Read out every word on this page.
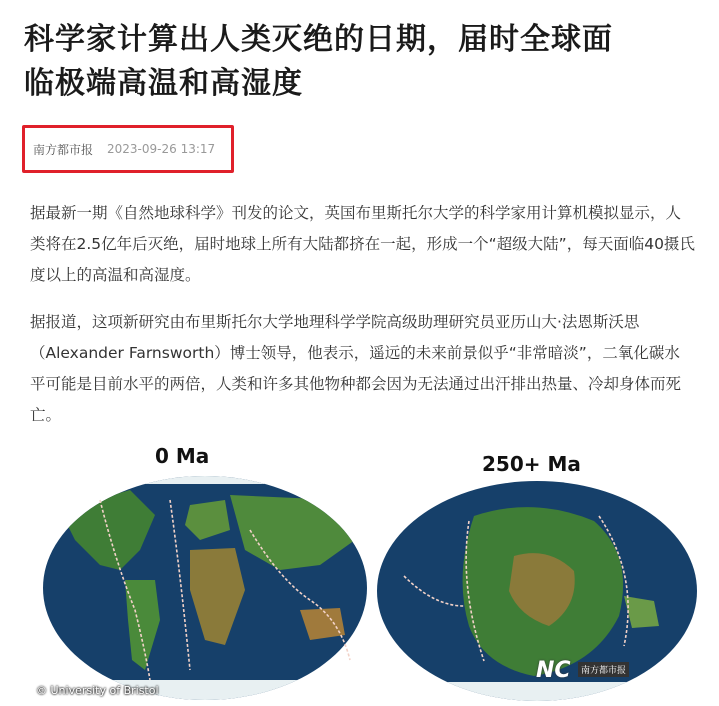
科学家计算出人类灭绝的日期，届时全球面
临极端高温和高湿度
南方都市报 2023-09-26 13:17
据最新一期《自然地球科学》刊发的论文，英国布里斯托尔大学的科学家用计算机模拟显示，人类将在2.5亿年后灭绝，届时地球上所有大陆都挤在一起，形成一个“超级大陆”，每天面临40摄氏度以上的高温和高湿度。
据报道，这项新研究由布里斯托尔大学地理科学学院高级助理研究员亚历山大·法恩斯沃思（Alexander Farnsworth）博士领导，他表示，遥远的未来前景似乎“非常暗淡”，二氧化碳水平可能是目前水平的两倍，人类和许多其他物种都会因为无法通过出汗排出热量、冷却身体而死亡。
0 Ma	250+ Ma
© University of Bristol
NC	南方都市报
